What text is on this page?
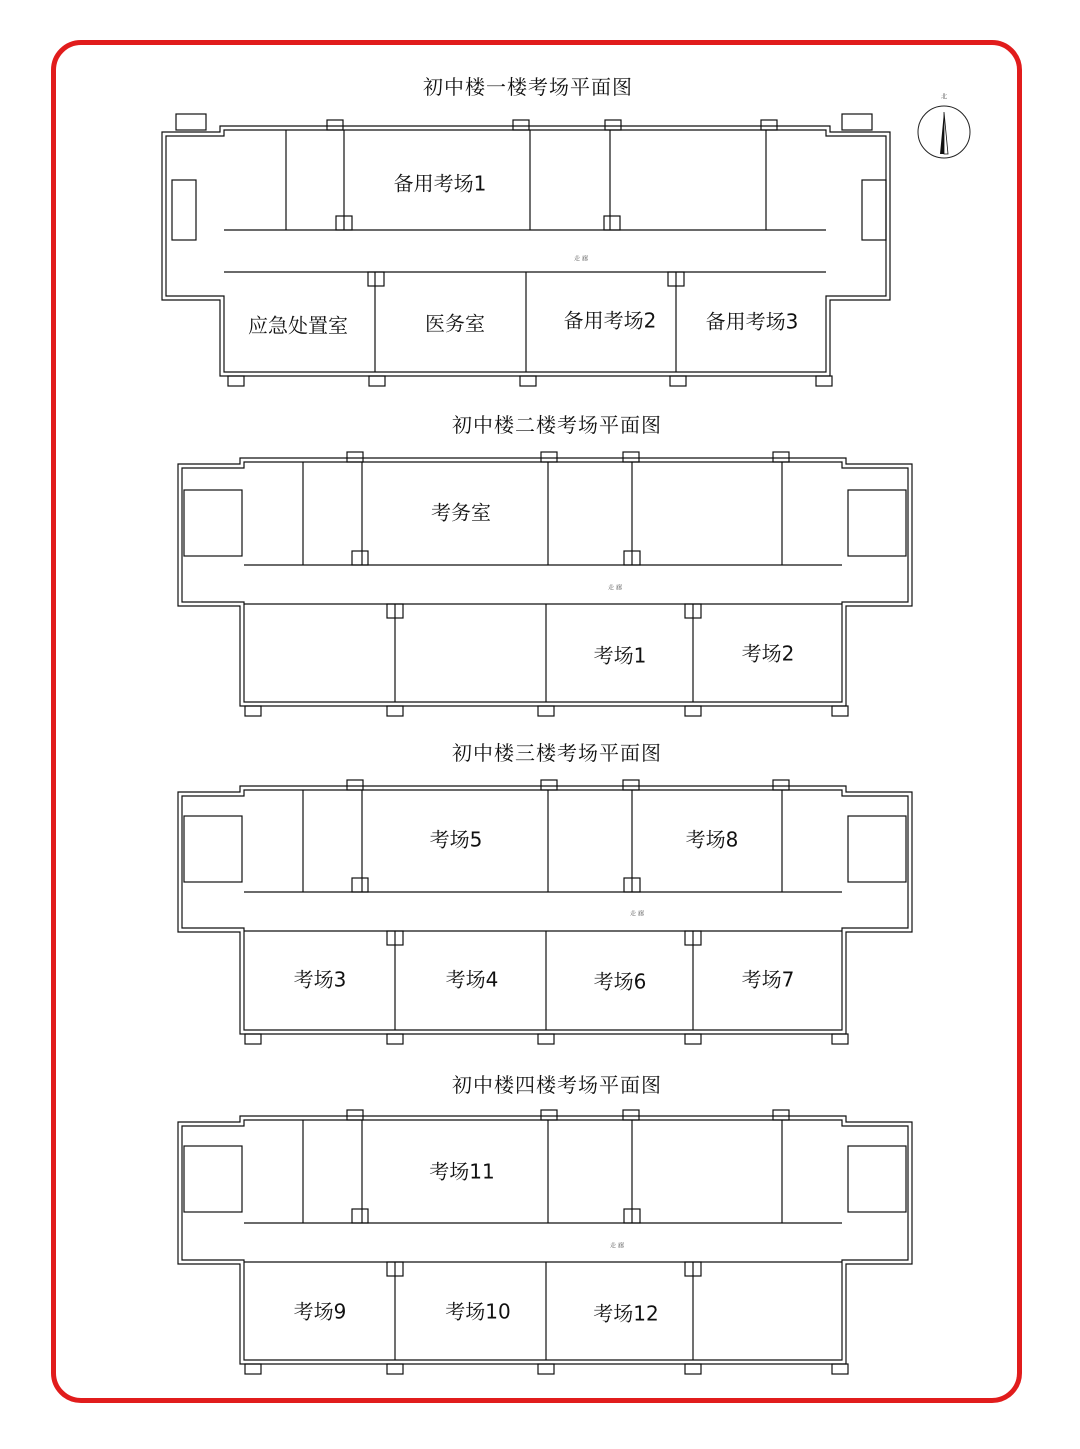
初中楼一楼考场平面图
备用考场1
应急处置室	医务室	备用考场2 备用考场3
初中楼二楼考场平面图
考务室
考场1	考场2
初中楼三楼考场平面图
考场5	考场8
考场3	考场4	考场6	考场7
初中楼四楼考场平面图
考场11
考场9	考场10	考场12
走 廊
走 廊
走 廊
走 廊
北
